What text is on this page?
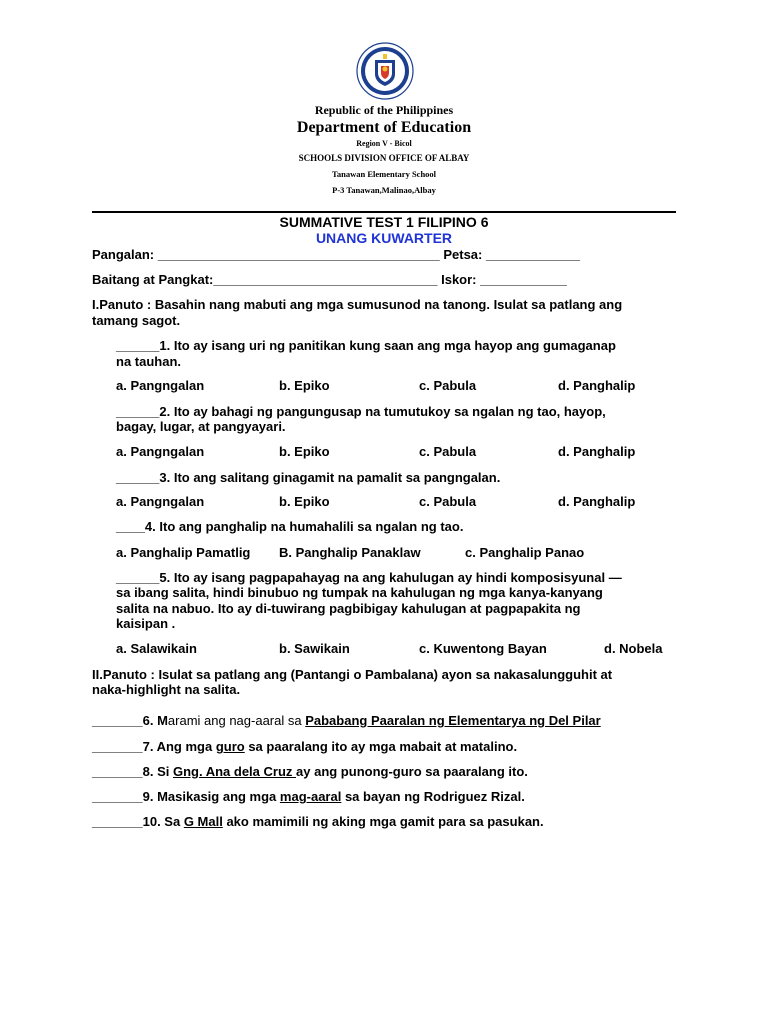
Republic of the Philippines
Department of Education
Region V - Bicol
SCHOOLS DIVISION OFFICE OF ALBAY
Tanawan Elementary School
P-3 Tanawan,Malinao,Albay
SUMMATIVE TEST 1 FILIPINO 6
UNANG KUWARTER
Pangalan: _______________________________________ Petsa: _____________
Baitang at Pangkat:_______________________________ Iskor: ____________
I.Panuto : Basahin nang mabuti ang mga sumusunod na tanong. Isulat sa patlang ang
tamang sagot.
______1. Ito ay isang uri ng panitikan kung saan ang mga hayop ang gumaganap
na tauhan.
a. Pangngalan	b. Epiko	c. Pabula	d. Panghalip
______2. Ito ay bahagi ng pangungusap na tumutukoy sa ngalan ng tao, hayop,
bagay, lugar, at pangyayari.
a. Pangngalan	b. Epiko	c. Pabula	d. Panghalip
______3. Ito ang salitang ginagamit na pamalit sa pangngalan.
a. Pangngalan	b. Epiko	c. Pabula	d. Panghalip
____4. Ito ang panghalip na humahalili sa ngalan ng tao.
a. Panghalip Pamatlig B. Panghalip Panaklaw	c. Panghalip Panao
______5. Ito ay isang pagpapahayag na ang kahulugan ay hindi komposisyunal —
sa ibang salita, hindi binubuo ng tumpak na kahulugan ng mga kanya-kanyang
salita na nabuo. Ito ay di-tuwirang pagbibigay kahulugan at pagpapakita ng
kaisipan .
a. Salawikain	b. Sawikain	c. Kuwentong Bayan	d. Nobela
II.Panuto : Isulat sa patlang ang (Pantangi o Pambalana) ayon sa nakasalungguhit at
naka-highlight na salita.
_______6. Marami ang nag-aaral sa Pababang Paaralan ng Elementarya ng Del Pilar
_______7. Ang mga guro sa paaralang ito ay mga mabait at matalino.
_______8. Si Gng. Ana dela Cruz ay ang punong-guro sa paaralang ito.
_______9. Masikasig ang mga mag-aaral sa bayan ng Rodriguez Rizal.
_______10. Sa G Mall ako mamimili ng aking mga gamit para sa pasukan.
